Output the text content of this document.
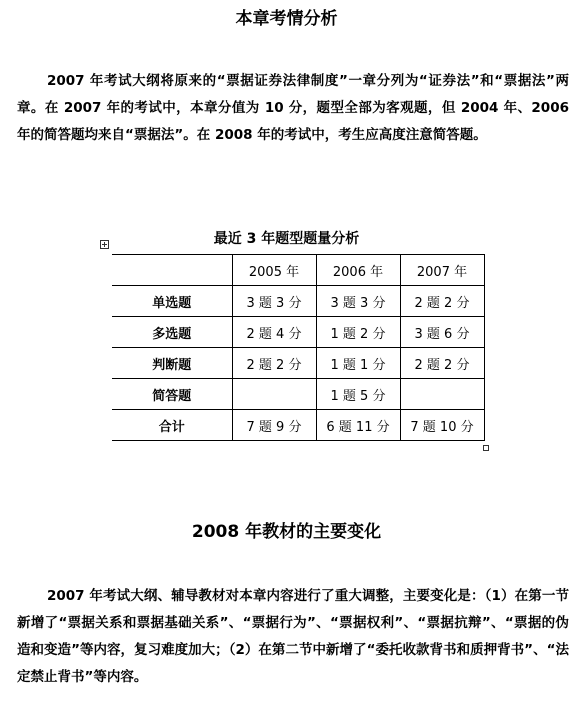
本章考情分析

2007 年考试大纲将原来的“票据证券法律制度”一章分列为“证券法”和“票据法”两章。在 2007 年的考试中，本章分值为 10 分，题型全部为客观题，但 2004 年、2006 年的简答题均来自“票据法”。在 2008 年的考试中，考生应高度注意简答题。

最近 3 年题型题量分析
	2005 年	2006 年	2007 年
单选题	3 题 3 分	3 题 3 分	2 题 2 分
多选题	2 题 4 分	1 题 2 分	3 题 6 分
判断题	2 题 2 分	1 题 1 分	2 题 2 分
简答题		1 题 5 分	
合计	7 题 9 分	6 题 11 分	7 题 10 分
2008 年教材的主要变化

2007 年考试大纲、辅导教材对本章内容进行了重大调整，主要变化是：（1）在第一节新增了“票据关系和票据基础关系”、“票据行为”、“票据权利”、“票据抗辩”、“票据的伪造和变造”等内容，复习难度加大；（2）在第二节中新增了“委托收款背书和质押背书”、“法定禁止背书”等内容。
